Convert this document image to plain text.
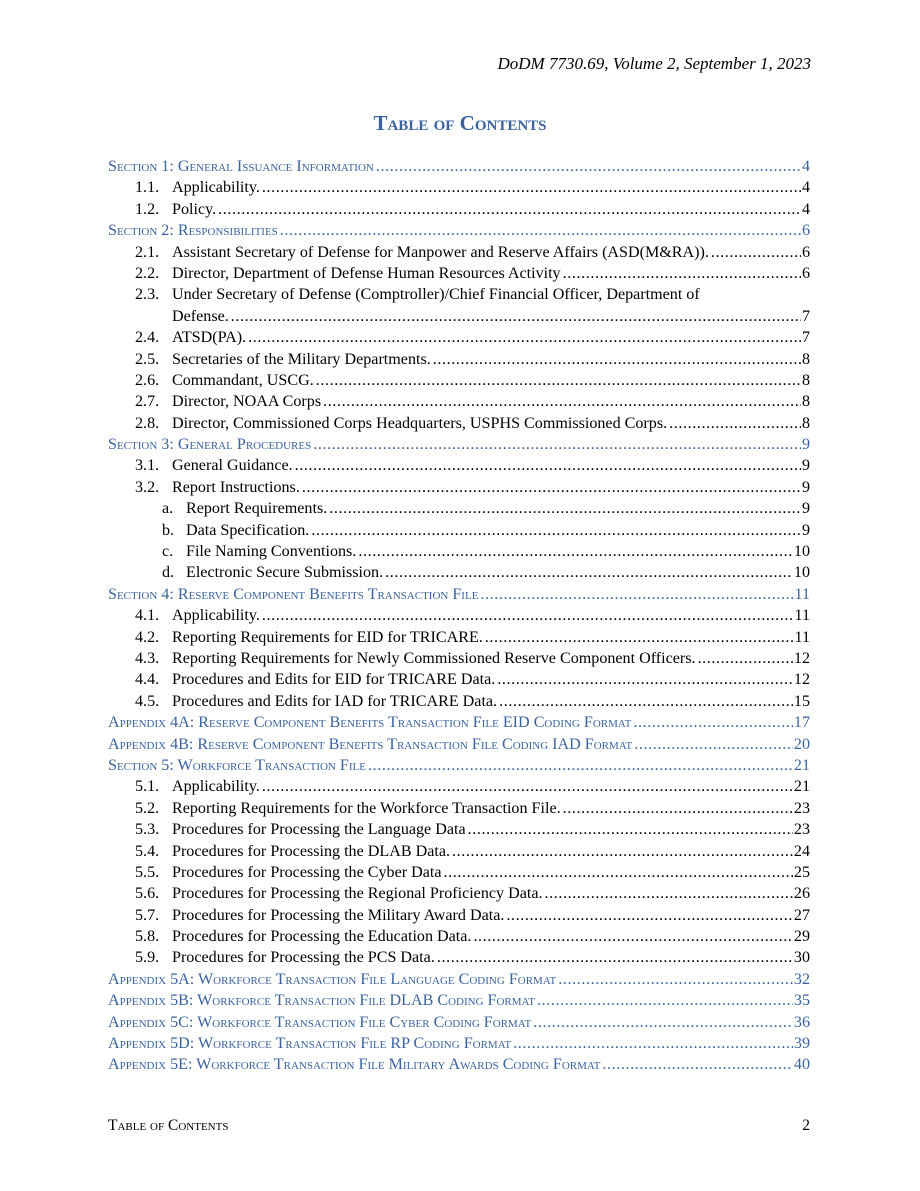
DoDM 7730.69, Volume 2, September 1, 2023
Table of Contents
Section 1: General Issuance Information .....	4
1.1. Applicability. .....	4
1.2. Policy. .....	4
Section 2: Responsibilities .....	6
2.1. Assistant Secretary of Defense for Manpower and Reserve Affairs (ASD(M&RA)). .....	6
2.2. Director, Department of Defense Human Resources Activity .....	6
2.3. Under Secretary of Defense (Comptroller)/Chief Financial Officer, Department of
Defense. .....	7
2.4. ATSD(PA). .....	7
2.5. Secretaries of the Military Departments. .....	8
2.6. Commandant, USCG. .....	8
2.7. Director, NOAA Corps .....	8
2.8. Director, Commissioned Corps Headquarters, USPHS Commissioned Corps. .....	8
Section 3: General Procedures .....	9
3.1. General Guidance. .....	9
3.2. Report Instructions. .....	9
a. Report Requirements. .....	9
b. Data Specification. .....	9
c. File Naming Conventions. .....	10
d. Electronic Secure Submission. .....	10
Section 4: Reserve Component Benefits Transaction File .....	11
4.1. Applicability. .....	11
4.2. Reporting Requirements for EID for TRICARE. .....	11
4.3. Reporting Requirements for Newly Commissioned Reserve Component Officers. .....	12
4.4. Procedures and Edits for EID for TRICARE Data. .....	12
4.5. Procedures and Edits for IAD for TRICARE Data. .....	15
Appendix 4A: Reserve Component Benefits Transaction File EID Coding Format .....	17
Appendix 4B: Reserve Component Benefits Transaction File Coding IAD Format .....	20
Section 5: Workforce Transaction File .....	21
5.1. Applicability. .....	21
5.2. Reporting Requirements for the Workforce Transaction File. .....	23
5.3. Procedures for Processing the Language Data .....	23
5.4. Procedures for Processing the DLAB Data. .....	24
5.5. Procedures for Processing the Cyber Data .....	25
5.6. Procedures for Processing the Regional Proficiency Data. .....	26
5.7. Procedures for Processing the Military Award Data. .....	27
5.8. Procedures for Processing the Education Data. .....	29
5.9. Procedures for Processing the PCS Data. .....	30
Appendix 5A: Workforce Transaction File Language Coding Format .....	32
Appendix 5B: Workforce Transaction File DLAB Coding Format .....	35
Appendix 5C: Workforce Transaction File Cyber Coding Format .....	36
Appendix 5D: Workforce Transaction File RP Coding Format .....	39
Appendix 5E: Workforce Transaction File Military Awards Coding Format .....	40
Table of Contents	2
